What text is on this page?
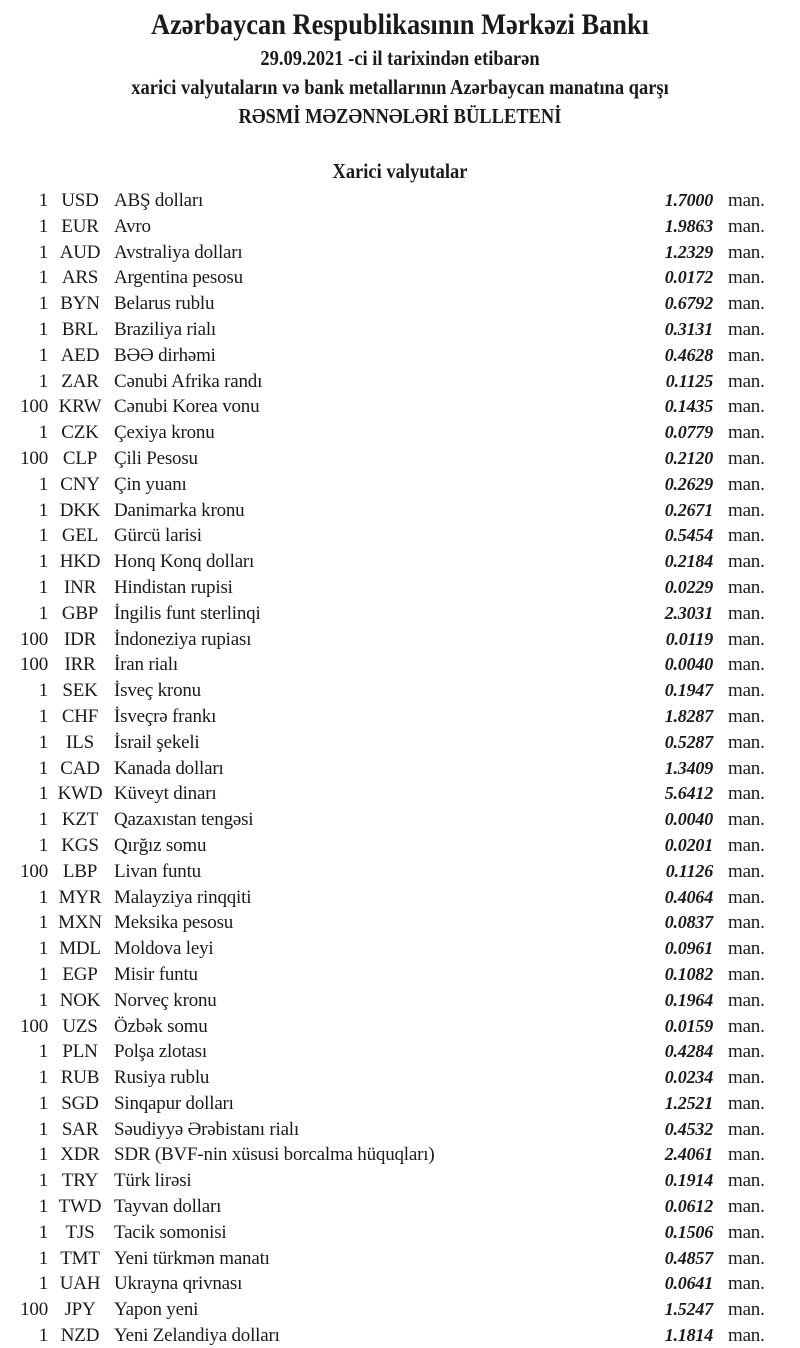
Azərbaycan Respublikasının Mərkəzi Bankı
29.09.2021 -ci il tarixindən etibarən
xarici valyutaların və bank metallarının Azərbaycan manatına qarşı
RƏSMİ MƏZƏNNƏLƏRİ BÜLLETENİ
Xarici valyutalar
1 USD ABŞ dolları	1.7000 man.
1 EUR Avro	1.9863 man.
1 AUD Avstraliya dolları	1.2329 man.
1 ARS Argentina pesosu	0.0172 man.
1 BYN Belarus rublu	0.6792 man.
1 BRL Braziliya rialı	0.3131 man.
1 AED BƏƏ dirhəmi	0.4628 man.
1 ZAR Cənubi Afrika randı	0.1125 man.
100 KRW Cənubi Korea vonu	0.1435 man.
1 CZK Çexiya kronu	0.0779 man.
100 CLP Çili Pesosu	0.2120 man.
1 CNY Çin yuanı	0.2629 man.
1 DKK Danimarka kronu	0.2671 man.
1 GEL Gürcü larisi	0.5454 man.
1 HKD Honq Konq dolları	0.2184 man.
1 INR Hindistan rupisi	0.0229 man.
1 GBP İngilis funt sterlinqi	2.3031 man.
100 IDR İndoneziya rupiası	0.0119 man.
100 IRR İran rialı	0.0040 man.
1 SEK İsveç kronu	0.1947 man.
1 CHF İsveçrə frankı	1.8287 man.
1 ILS	İsrail şekeli	0.5287 man.
1 CAD Kanada dolları	1.3409 man.
1 KWD Küveyt dinarı	5.6412 man.
1 KZT Qazaxıstan tengəsi	0.0040 man.
1 KGS Qırğız somu	0.0201 man.
100 LBP Livan funtu	0.1126 man.
1 MYR Malayziya rinqqiti	0.4064 man.
1 MXN Meksika pesosu	0.0837 man.
1 MDL Moldova leyi	0.0961 man.
1 EGP Misir funtu	0.1082 man.
1 NOK Norveç kronu	0.1964 man.
100 UZS Özbək somu	0.0159 man.
1 PLN Polşa zlotası	0.4284 man.
1 RUB Rusiya rublu	0.0234 man.
1 SGD Sinqapur dolları	1.2521 man.
1 SAR Səudiyyə Ərəbistanı rialı	0.4532 man.
1 XDR SDR (BVF-nin xüsusi borcalma hüquqları)	2.4061 man.
1 TRY Türk lirəsi	0.1914 man.
1 TWD Tayvan dolları	0.0612 man.
1 TJS	Tacik somonisi	0.1506 man.
1 TMT Yeni türkmən manatı	0.4857 man.
1 UAH Ukrayna qrivnası	0.0641 man.
100 JPY Yapon yeni	1.5247 man.
1 NZD Yeni Zelandiya dolları	1.1814 man.
